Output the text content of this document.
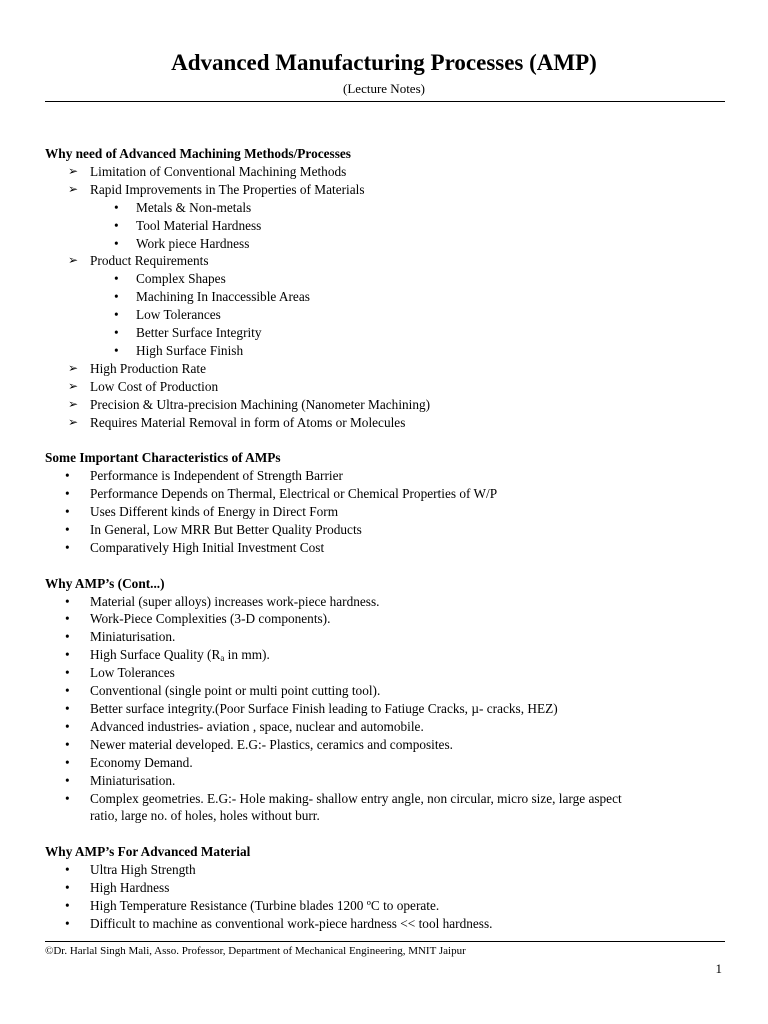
Advanced Manufacturing Processes (AMP)
(Lecture Notes)
Why need of Advanced Machining Methods/Processes
➢ Limitation of Conventional Machining Methods
➢ Rapid Improvements in The Properties of Materials
• Metals & Non-metals
• Tool Material Hardness
• Work piece Hardness
➢ Product Requirements
• Complex Shapes
• Machining In Inaccessible Areas
• Low Tolerances
• Better Surface Integrity
• High Surface Finish
➢ High Production Rate
➢ Low Cost of Production
➢ Precision & Ultra-precision Machining (Nanometer Machining)
➢ Requires Material Removal in form of Atoms or Molecules
Some Important Characteristics of AMPs
• Performance is Independent of Strength Barrier
• Performance Depends on Thermal, Electrical or Chemical Properties of W/P
• Uses Different kinds of Energy in Direct Form
• In General, Low MRR But Better Quality Products
• Comparatively High Initial Investment Cost
Why AMP’s (Cont...)
• Material (super alloys) increases work-piece hardness.
• Work-Piece Complexities (3-D components).
• Miniaturisation.
• High Surface Quality ($R_a$ in mm).
• Low Tolerances
• Conventional (single point or multi point cutting tool).
• Better surface integrity.(Poor Surface Finish leading to Fatiuge Cracks, µ- cracks, HEZ)
• Advanced industries- aviation , space, nuclear and automobile.
• Newer material developed. E.G:- Plastics, ceramics and composites.
• Economy Demand.
• Miniaturisation.
• Complex geometries. E.G:- Hole making- shallow entry angle, non circular, micro size, large aspect
ratio, large no. of holes, holes without burr.
Why AMP’s For Advanced Material
• Ultra High Strength
• High Hardness
• High Temperature Resistance (Turbine blades 1200 ºC to operate.
• Difficult to machine as conventional work-piece hardness << tool hardness.
©Dr. Harlal Singh Mali, Asso. Professor, Department of Mechanical Engineering, MNIT Jaipur
1
